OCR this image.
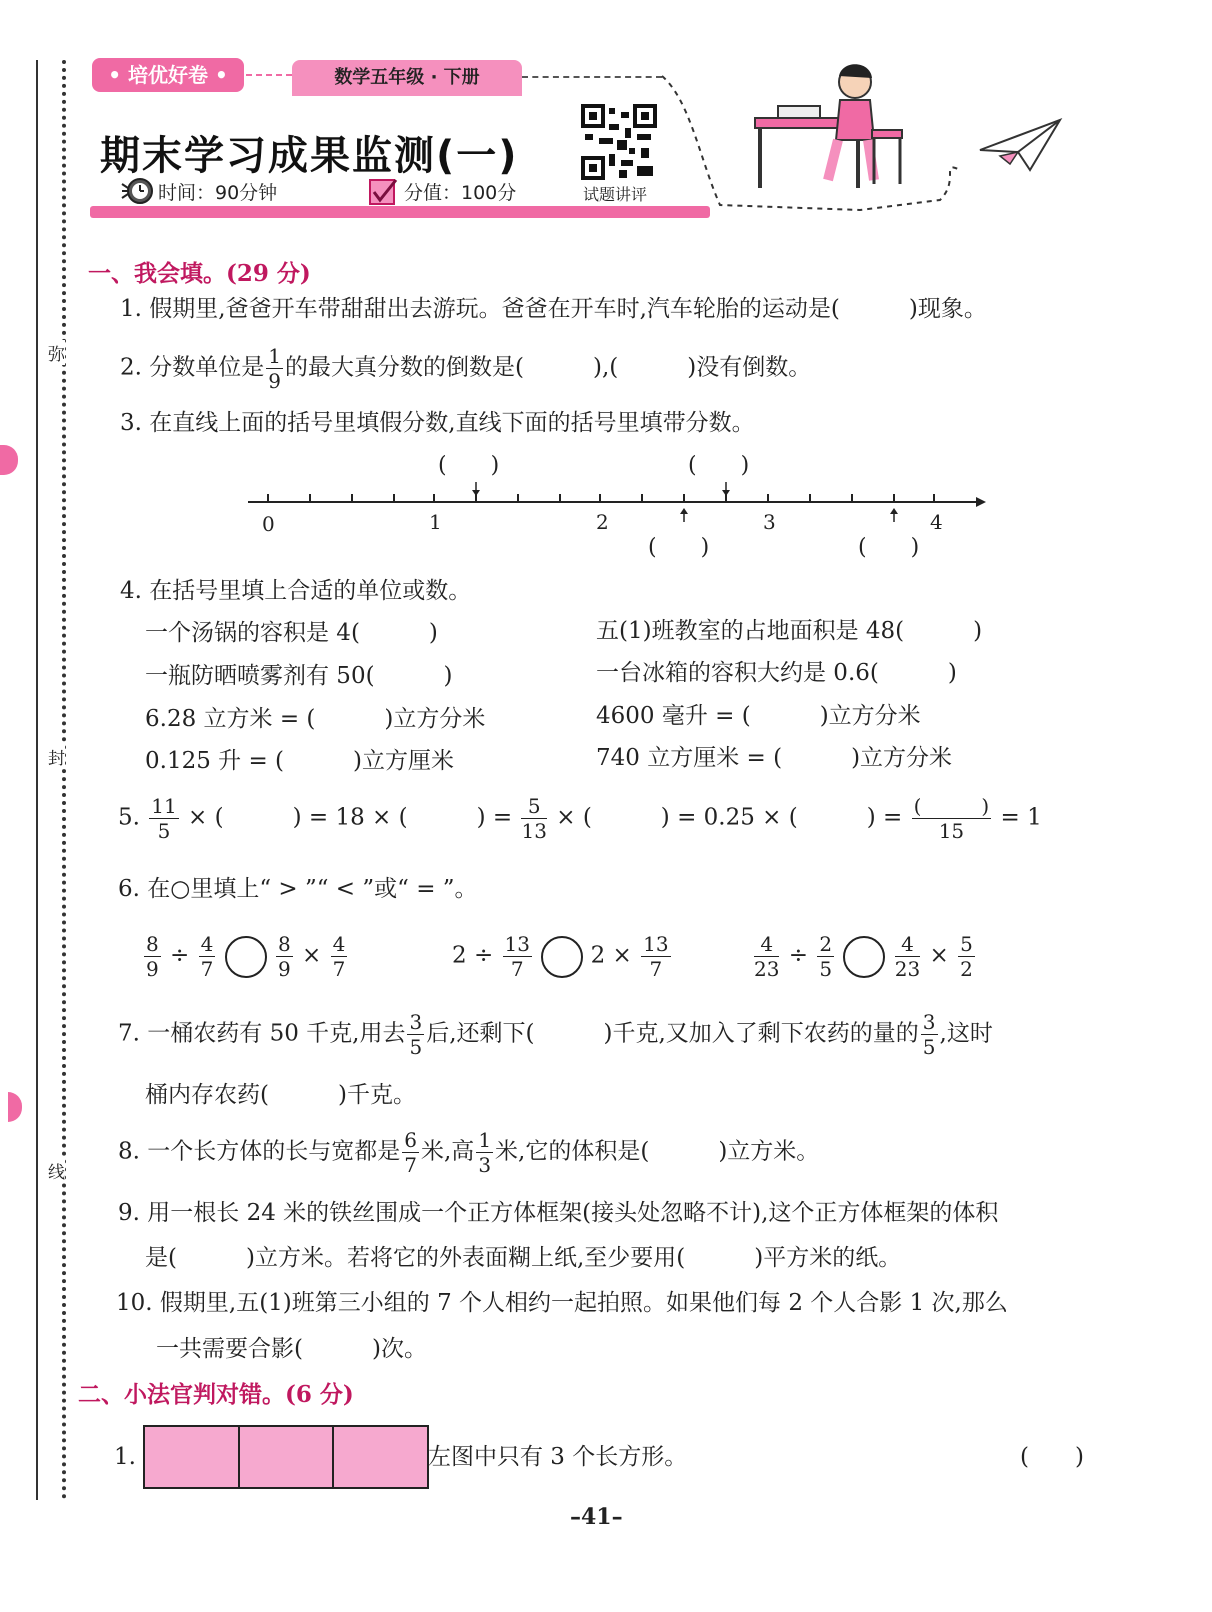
弥
封
线
• 培优好卷 •	数学五年级 · 下册
期末学习成果监测(一)
时间：90分钟	分值：100分	试题讲评
一、我会填。(29 分)
1. 假期里,爸爸开车带甜甜出去游玩。爸爸在开车时,汽车轮胎的运动是(　　　)现象。
2. 分数单位是 $\frac{1}{9}$ 的最大真分数的倒数是(　　　),(　　　)没有倒数。
3. 在直线上面的括号里填假分数,直线下面的括号里填带分数。
(　　)	(　　)
0	1	2	3	4
(　　)	(　　)
4. 在括号里填上合适的单位或数。
一个汤锅的容积是 4(　　　)	五(1)班教室的占地面积是 48(　　　)
一瓶防晒喷雾剂有 50(　　　)	一台冰箱的容积大约是 0.6(　　　)
6.28 立方米 = (　　　)立方分米	4600 毫升 = (　　　)立方分米
0.125 升 = (　　　)立方厘米	740 立方厘米 = (　　　)立方分米
5. $\frac{11}{5}$ × (　　　) = 18 × (　　　) = $\frac{5}{13}$ × (　　　) = 0.25 × (　　　) = $\frac{( )}{15} = 1$
6. 在○里填上“ > ”“ < ”或“ = ”。
$\frac{8}{9} \div \frac{4}{7}$
	$\frac{8}{9} \times \frac{4}{7}$	$2 \div \frac{13}{7}$	$2 \times \frac{13}{7}$	$\frac{4}{23} \div \frac{2}{5}$
	$\frac{4}{23} \times \frac{5}{2}$
7. 一桶农药有 50 千克,用去 $\frac{3}{5}$ 后,还剩下(　　　)千克,又加入了剩下农药的量的 $\frac{3}{5}$ ,这时
桶内存农药(　　　)千克。
8. 一个长方体的长与宽都是 $\frac{6}{7}$ 米,高 $\frac{1}{3}$ 米,它的体积是(　　　)立方米。
9. 用一根长 24 米的铁丝围成一个正方体框架(接头处忽略不计),这个正方体框架的体积
是(　　　)立方米。若将它的外表面糊上纸,至少要用(　　　)平方米的纸。
10. 假期里,五(1)班第三小组的 7 个人相约一起拍照。如果他们每 2 个人合影 1 次,那么
一共需要合影(　　　)次。
二、小法官判对错。(6 分)
1.	左图中只有 3 个长方形。	(　　)
–41–
